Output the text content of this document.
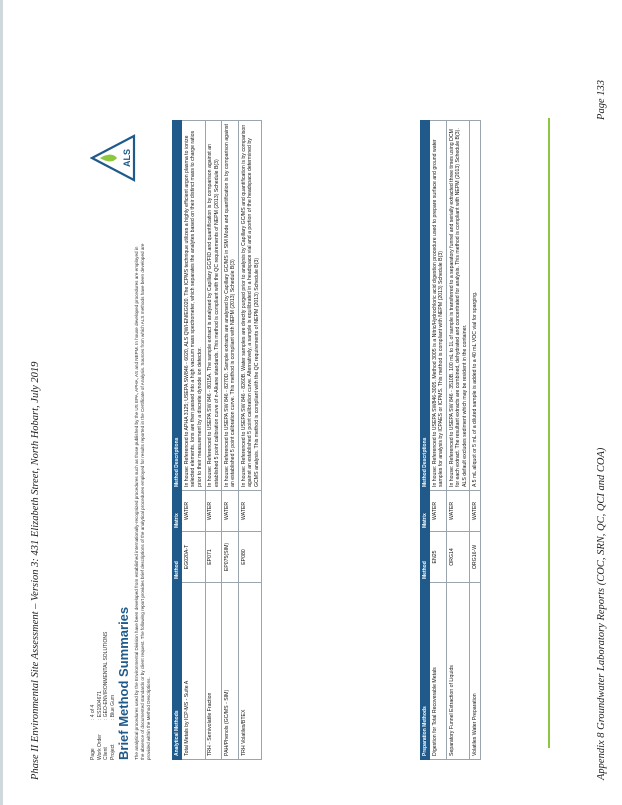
Phase II Environmental Site Assessment – Version 3: 431 Elizabeth Street, North Hobart, July 2019	Appendix 8 Groundwater Laboratory Reports (COC, SRN, QC, QCI and COA)
Page 133
Page
: 4 of 4
Work Order
: ES1904671
Client
: GEO-ENVIRONMENTAL SOLUTIONS
Project
: Blue Gum Brief Method Summaries The analytical procedures used by the Environmental Division have been developed from established internationally-recognized procedures such as those published by the US EPA, APHA, AS and NEPM. In house developed procedures are employed in the absence of documented standards or by client request. The following report provides brief descriptions of the analytical procedures employed for results reported in the Certificate of Analysis. Sources from which ALS methods have been developed are provided within the Method Descriptions.
ALS
Analytical Methods	Method	Matrix	Method Descriptions
Total Metals by ICP-MS - Suite A	EG020A-T	WATER	In house: Referenced to APHA 3125; USEPA SW846 - 6020, ALS QWI-EN/EG020. The ICPMS technique utilizes a highly efficient argon plasma to ionize selected elements. Ions are then passed into a high vacuum mass spectrometer, which separates the analytes based on their distinct mass to charge ratios prior to their measurement by a discrete dynode ion detector.
TRH - Semivolatile Fraction	EP071	WATER	In house: Referenced to USEPA SW 846 - 8015A. The sample extract is analysed by Capillary GC/FID and quantification is by comparison against an established 5 point calibration curve of n-Alkane standards. This method is compliant with the QC requirements of NEPM (2013) Schedule B(3)
PAH/Phenols (GC/MS - SIM)	EP075(SIM)	WATER	In house: Referenced to USEPA SW 846 - 8270D. Sample extracts are analysed by Capillary GC/MS in SIM Mode and quantification is by comparison against an established 5 point calibration curve. This method is compliant with NEPM (2013) Schedule B(3)
TRH Volatiles/BTEX	EP080	WATER	In house: Referenced to USEPA SW 846 - 8260B. Water samples are directly purged prior to analysis by Capillary GC/MS and quantification is by comparison against an established 5 point calibration curve. Alternatively, a sample is equilibrated in a headspace vial and a portion of the headspace determined by GCMS analysis. This method is compliant with the QC requirements of NEPM (2013) Schedule B(3)
Preparation Methods	Method	Matrix	Method Descriptions
Digestion for Total Recoverable Metals	EN25	WATER	In house: Referenced to USEPA SW846-3005. Method 3005 is a Nitric/Hydrochloric acid digestion procedure used to prepare surface and ground water samples for analysis by ICPAES or ICPMS. This method is compliant with NEPM (2013) Schedule B(3)
Separatory Funnel Extraction of Liquids	ORG14	WATER	In house: Referenced to USEPA SW 846 - 3510B. 100 mL to 1L of sample is transferred to a separatory funnel and serially extracted three times using DCM for each extract. The resultant extracts are combined, dehydrated and concentrated for analysis. This method is compliant with NEPM (2013) Schedule B(3). ALS default excludes sediment which may be resident in the container.
Volatiles Water Preparation	ORG16-W	WATER	A 5 mL aliquot or 5 mL of a diluted sample is added to a 40 mL VOC vial for sparging.
